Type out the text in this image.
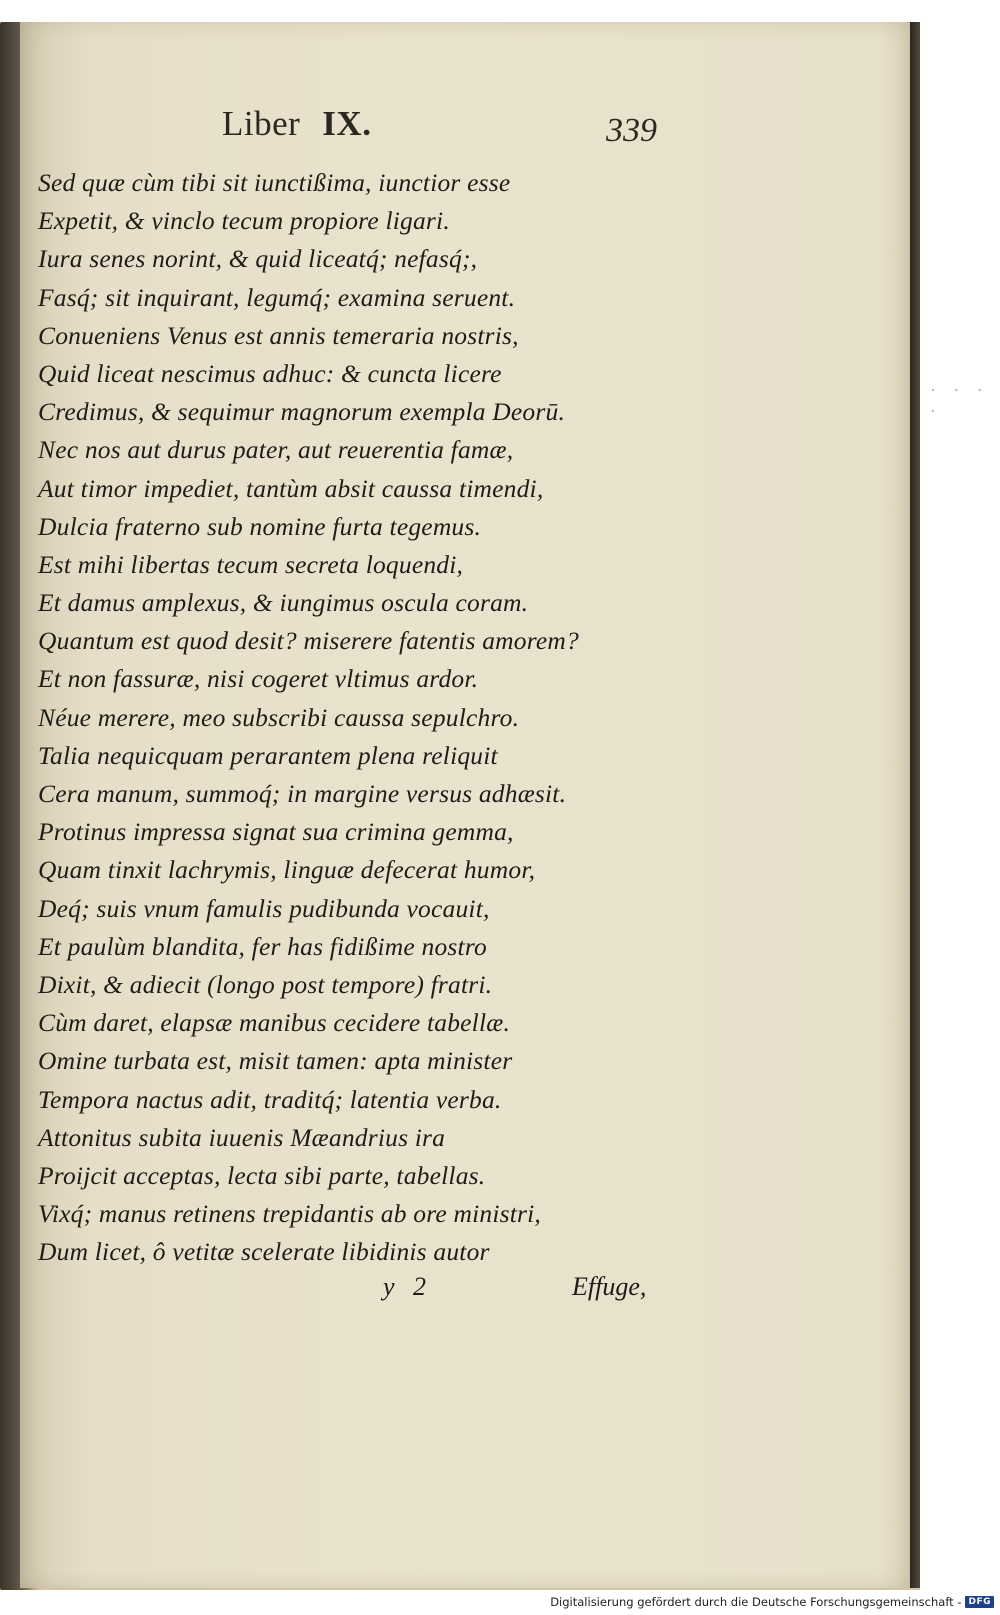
· · · ·
Liber IX.	339
Sed quæ cùm tibi sit iunctißima, iunctior esse
Expetit, & vinclo tecum propiore ligari.
Iura senes norint, & quid liceatq́; nefasq́;,
Fasq́; sit inquirant, legumq́; examina seruent.
Conueniens Venus est annis temeraria nostris,
Quid liceat nescimus adhuc: & cuncta licere
Credimus, & sequimur magnorum exempla Deorū.
Nec nos aut durus pater, aut reuerentia famæ,
Aut timor impediet, tantùm absit caussa timendi,
Dulcia fraterno sub nomine furta tegemus.
Est mihi libertas tecum secreta loquendi,
Et damus amplexus, & iungimus oscula coram.
Quantum est quod desit? miserere fatentis amorem?
Et non fassuræ, nisi cogeret vltimus ardor.
Néue merere, meo subscribi caussa sepulchro.
Talia nequicquam perarantem plena reliquit
Cera manum, summoq́; in margine versus adhæsit.
Protinus impressa signat sua crimina gemma,
Quam tinxit lachrymis, linguæ defecerat humor,
Deq́; suis vnum famulis pudibunda vocauit,
Et paulùm blandita, fer has fidißime nostro
Dixit, & adiecit (longo post tempore) fratri.
Cùm daret, elapsæ manibus cecidere tabellæ.
Omine turbata est, misit tamen: apta minister
Tempora nactus adit, traditq́; latentia verba.
Attonitus subita iuuenis Mæandrius ira
Proijcit acceptas, lecta sibi parte, tabellas.
Vixq́; manus retinens trepidantis ab ore ministri,
Dum licet, ô vetitæ scelerate libidinis autor
y 2	Effuge,
Digitalisierung gefördert durch die Deutsche Forschungsgemeinschaft - DFG
